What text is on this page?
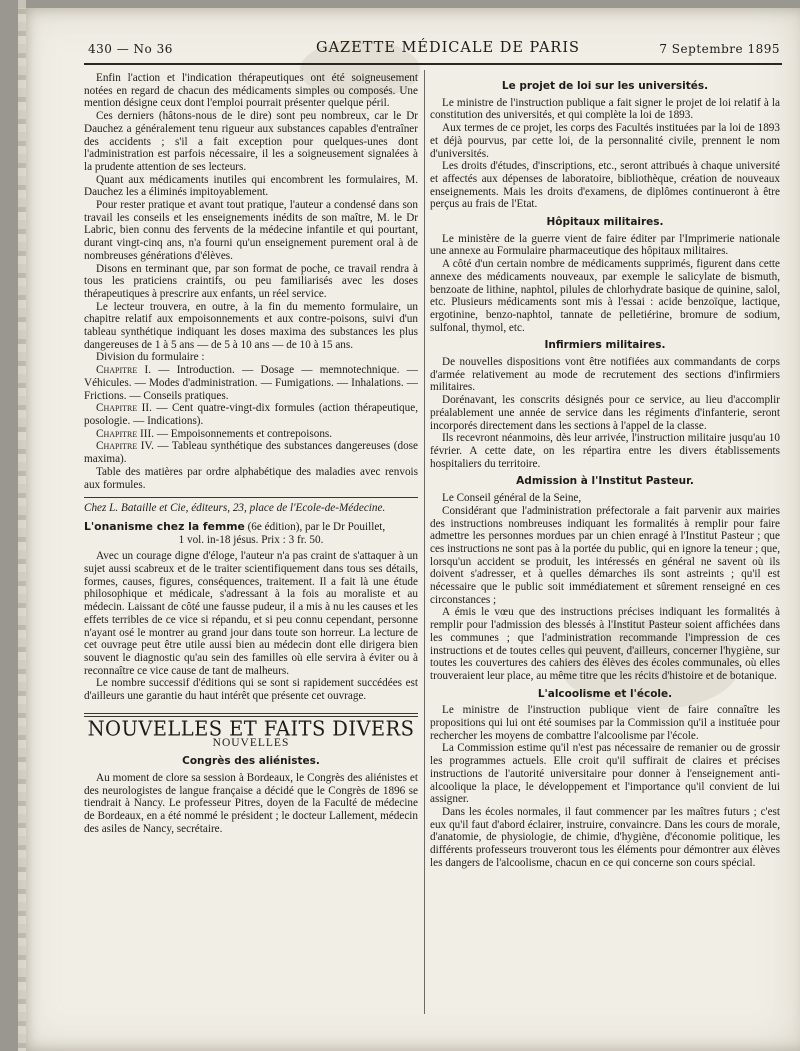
430 — No 36	GAZETTE MÉDICALE DE PARIS	7 Septembre 1895

Enfin l'action et l'indication thérapeutiques ont été soigneusement notées en regard de chacun des médicaments simples ou composés. Une mention désigne ceux dont l'emploi pourrait présenter quelque péril.

Ces derniers (hâtons-nous de le dire) sont peu nombreux, car le Dr Dauchez a généralement tenu rigueur aux substances capables d'entraîner des accidents ; s'il a fait exception pour quelques-unes dont l'administration est parfois nécessaire, il les a soigneusement signalées à la prudente attention de ses lecteurs.

Quant aux médicaments inutiles qui encombrent les formulaires, M. Dauchez les a éliminés impitoyablement.

Pour rester pratique et avant tout pratique, l'auteur a condensé dans son travail les conseils et les enseignements inédits de son maître, M. le Dr Labric, bien connu des fervents de la médecine infantile et qui pourtant, durant vingt-cinq ans, n'a fourni qu'un enseignement purement oral à de nombreuses générations d'élèves.

Disons en terminant que, par son format de poche, ce travail rendra à tous les praticiens craintifs, ou peu familiarisés avec les doses thérapeutiques à prescrire aux enfants, un réel service.

Le lecteur trouvera, en outre, à la fin du memento formulaire, un chapitre relatif aux empoisonnements et aux contre-poisons, suivi d'un tableau synthétique indiquant les doses maxima des substances les plus dangereuses de 1 à 5 ans — de 5 à 10 ans — de 10 à 15 ans.

Division du formulaire :

Chapitre I. — Introduction. — Dosage — memnotechnique. — Véhicules. — Modes d'administration. — Fumigations. — Inhalations. — Frictions. — Conseils pratiques.

Chapitre II. — Cent quatre-vingt-dix formules (action thérapeutique, posologie. — Indications).

Chapitre III. — Empoisonnements et contrepoisons.

Chapitre IV. — Tableau synthétique des substances dangereuses (dose maxima).

Table des matières par ordre alphabétique des maladies avec renvois aux formules.

Chez L. Bataille et Cie, éditeurs, 23, place de l'Ecole-de-Médecine.

L'onanisme chez la femme (6e édition), par le Dr Pouillet,

1 vol. in-18 jésus. Prix : 3 fr. 50.

Avec un courage digne d'éloge, l'auteur n'a pas craint de s'attaquer à un sujet aussi scabreux et de le traiter scientifiquement dans tous ses détails, formes, causes, figures, conséquences, traitement. Il a fait là une étude philosophique et médicale, s'adressant à la fois au moraliste et au médecin. Laissant de côté une fausse pudeur, il a mis à nu les causes et les effets terribles de ce vice si répandu, et si peu connu cependant, personne n'ayant osé le montrer au grand jour dans toute son horreur. La lecture de cet ouvrage peut être utile aussi bien au médecin dont elle dirigera bien souvent le diagnostic qu'au sein des familles où elle servira à éviter ou à reconnaître ce vice cause de tant de malheurs.

Le nombre successif d'éditions qui se sont si rapidement succédées est d'ailleurs une garantie du haut intérêt que présente cet ouvrage.

NOUVELLES ET FAITS DIVERS
NOUVELLES
Congrès des aliénistes.

Au moment de clore sa session à Bordeaux, le Congrès des aliénistes et des neurologistes de langue française a décidé que le Congrès de 1896 se tiendrait à Nancy. Le professeur Pitres, doyen de la Faculté de médecine de Bordeaux, en a été nommé le président ; le docteur Lallement, médecin des asiles de Nancy, secrétaire.

Le projet de loi sur les universités.

Le ministre de l'instruction publique a fait signer le projet de loi relatif à la constitution des universités, et qui complète la loi de 1893.

Aux termes de ce projet, les corps des Facultés instituées par la loi de 1893 et déjà pourvus, par cette loi, de la personnalité civile, prennent le nom d'universités.

Les droits d'études, d'inscriptions, etc., seront attribués à chaque université et affectés aux dépenses de laboratoire, bibliothèque, création de nouveaux enseignements. Mais les droits d'examens, de diplômes continueront à être perçus au frais de l'Etat.

Hôpitaux militaires.

Le ministère de la guerre vient de faire éditer par l'Imprimerie nationale une annexe au Formulaire pharmaceutique des hôpitaux militaires.

A côté d'un certain nombre de médicaments supprimés, figurent dans cette annexe des médicaments nouveaux, par exemple le salicylate de bismuth, benzoate de lithine, naphtol, pilules de chlorhydrate basique de quinine, salol, etc. Plusieurs médicaments sont mis à l'essai : acide benzoïque, lactique, ergotinine, benzo-naphtol, tannate de pelletiérine, bromure de sodium, sulfonal, thymol, etc.

Infirmiers militaires.

De nouvelles dispositions vont être notifiées aux commandants de corps d'armée relativement au mode de recrutement des sections d'infirmiers militaires.

Dorénavant, les conscrits désignés pour ce service, au lieu d'accomplir préalablement une année de service dans les régiments d'infanterie, seront incorporés directement dans les sections à l'appel de la classe.

Ils recevront néanmoins, dès leur arrivée, l'instruction militaire jusqu'au 10 février. A cette date, on les répartira entre les divers établissements hospitaliers du territoire.

Admission à l'Institut Pasteur.

Le Conseil général de la Seine,

Considérant que l'administration préfectorale a fait parvenir aux mairies des instructions nombreuses indiquant les formalités à remplir pour faire admettre les personnes mordues par un chien enragé à l'Institut Pasteur ; que ces instructions ne sont pas à la portée du public, qui en ignore la teneur ; que, lorsqu'un accident se produit, les intéressés en général ne savent où ils doivent s'adresser, et à quelles démarches ils sont astreints ; qu'il est nécessaire que le public soit immédiatement et sûrement renseigné en ces circonstances ;

A émis le vœu que des instructions précises indiquant les formalités à remplir pour l'admission des blessés à l'Institut Pasteur soient affichées dans les communes ; que l'administration recommande l'impression de ces instructions et de toutes celles qui peuvent, d'ailleurs, concerner l'hygiène, sur toutes les couvertures des cahiers des élèves des écoles communales, où elles trouveraient leur place, au même titre que les récits d'histoire et de botanique.

L'alcoolisme et l'école.

Le ministre de l'instruction publique vient de faire connaître les propositions qui lui ont été soumises par la Commission qu'il a instituée pour rechercher les moyens de combattre l'alcoolisme par l'école.

La Commission estime qu'il n'est pas nécessaire de remanier ou de grossir les programmes actuels. Elle croit qu'il suffirait de claires et précises instructions de l'autorité universitaire pour donner à l'enseignement anti-alcoolique la place, le développement et l'importance qu'il convient de lui assigner.

Dans les écoles normales, il faut commencer par les maîtres futurs ; c'est eux qu'il faut d'abord éclairer, instruire, convaincre. Dans les cours de morale, d'anatomie, de physiologie, de chimie, d'hygiène, d'économie politique, les différents professeurs trouveront tous les éléments pour démontrer aux élèves les dangers de l'alcoolisme, chacun en ce qui concerne son cours spécial.
